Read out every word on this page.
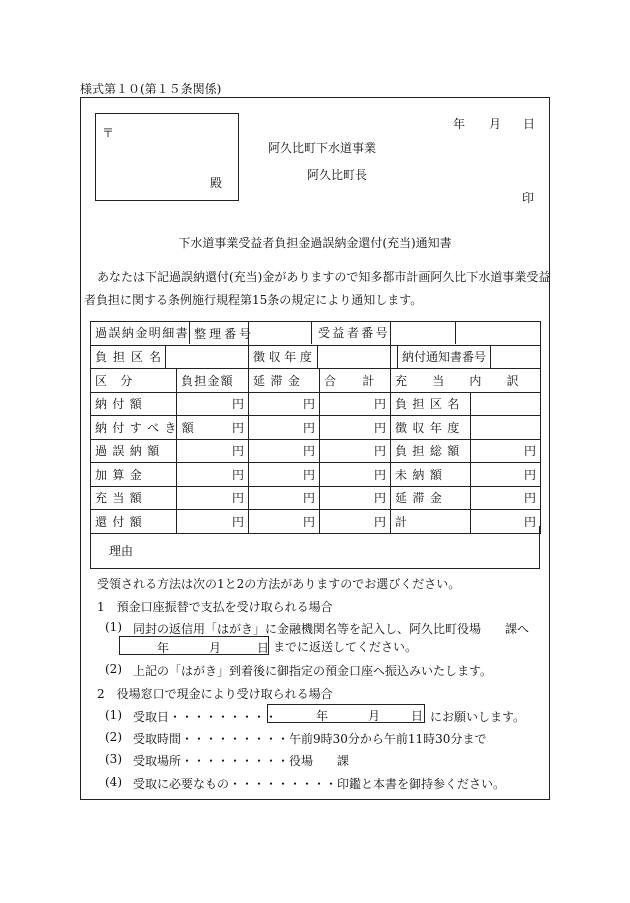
様式第１０(第１５条関係)
〒
殿
年 月 日
阿久比町下水道事業
阿久比町長
印
下水道事業受益者負担金過誤納金還付(充当)通知書
あなたは下記過誤納還付(充当)金がありますので知多都市計画阿久比下水道事業受益
者負担に関する条例施行規程第15条の規定により通知します。
過誤納金明細書 整理番号		受益者番号			

負担区名		徴収年度		納付通知書番号	

区分	負担金額	延滞金	合計	充当内訳	
納付額	円	円	円	負担区名	
納付すべき額	円	円	円	徴収年度	
過誤納額	円	円	円	負担総額	円
加算金	円	円	円	未納額	円
充当額	円	円	円	延滞金	円
還付額	円	円	円	計	円
理由
受領される方法は次の1と2の方法がありますのでお選びください。
1　預金口座振替で支払を受け取られる場合
(1) 同封の返信用「はがき」に金融機関名等を記入し、阿久比町役場　　課へ
年	月	日 までに返送してください。
(2) 上記の「はがき」到着後に御指定の預金口座へ振込みいたします。
2　役場窓口で現金により受け取られる場合
(1) 受取日・・・・・・・・・	年	月	日 にお願いします。
(2) 受取時間・・・・・・・・・午前9時30分から午前11時30分まで
(3) 受取場所・・・・・・・・・役場　　課
(4) 受取に必要なもの・・・・・・・・・印鑑と本書を御持参ください。
